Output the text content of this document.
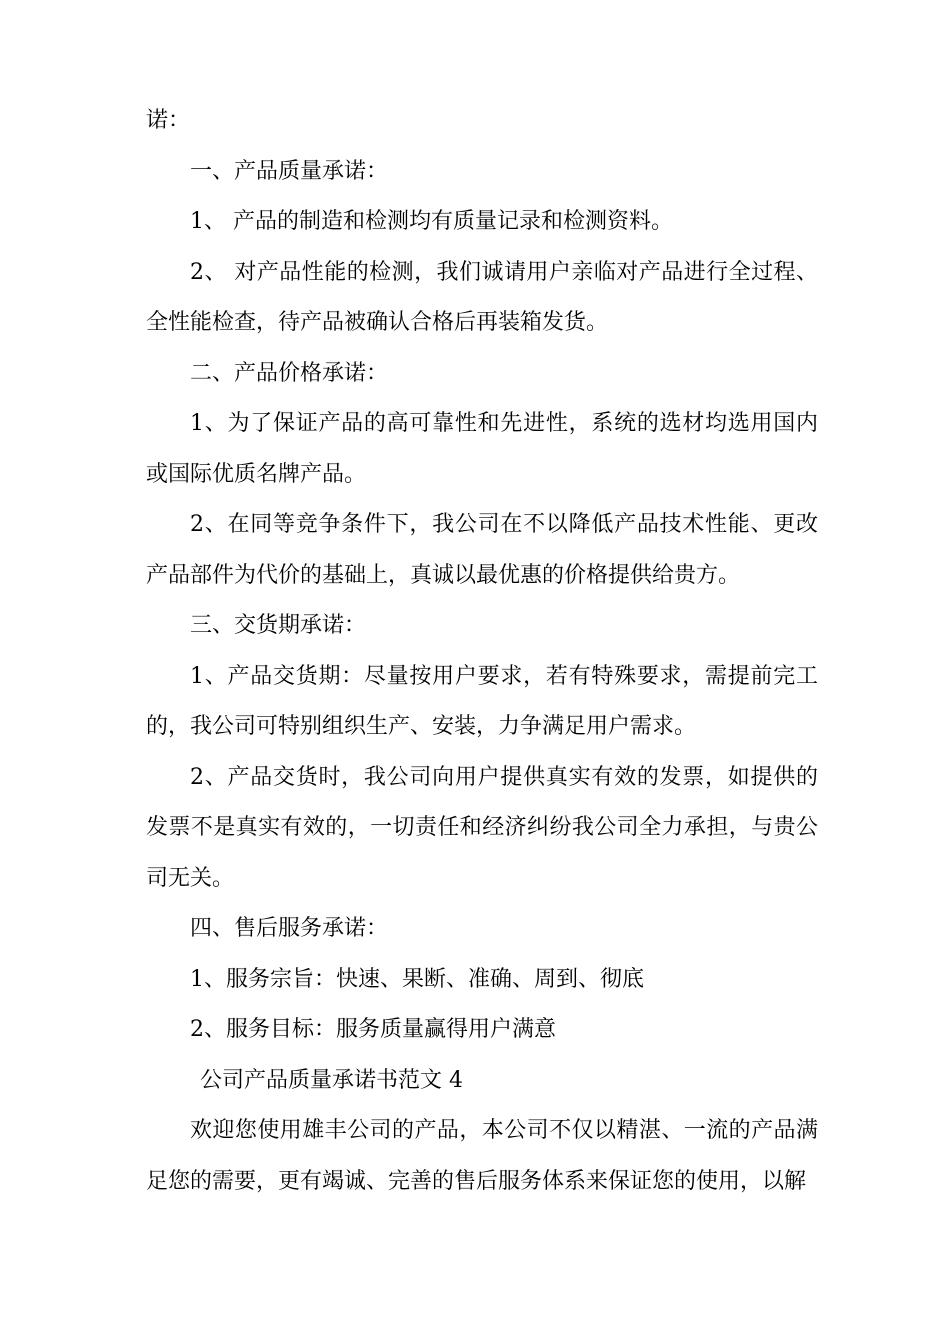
诺：

一、产品质量承诺：

1、 产品的制造和检测均有质量记录和检测资料。

2、 对产品性能的检测，我们诚请用户亲临对产品进行全过程、全性能检查，待产品被确认合格后再装箱发货。

二、产品价格承诺：

1、为了保证产品的高可靠性和先进性，系统的选材均选用国内或国际优质名牌产品。

2、在同等竞争条件下，我公司在不以降低产品技术性能、更改产品部件为代价的基础上，真诚以最优惠的价格提供给贵方。

三、交货期承诺：

1、产品交货期：尽量按用户要求，若有特殊要求，需提前完工的，我公司可特别组织生产、安装，力争满足用户需求。

2、产品交货时，我公司向用户提供真实有效的发票，如提供的发票不是真实有效的，一切责任和经济纠纷我公司全力承担，与贵公司无关。

四、售后服务承诺：

1、服务宗旨：快速、果断、准确、周到、彻底

2、服务目标：服务质量赢得用户满意

公司产品质量承诺书范文 4

欢迎您使用雄丰公司的产品，本公司不仅以精湛、一流的产品满足您的需要，更有竭诚、完善的售后服务体系来保证您的使用，以解
